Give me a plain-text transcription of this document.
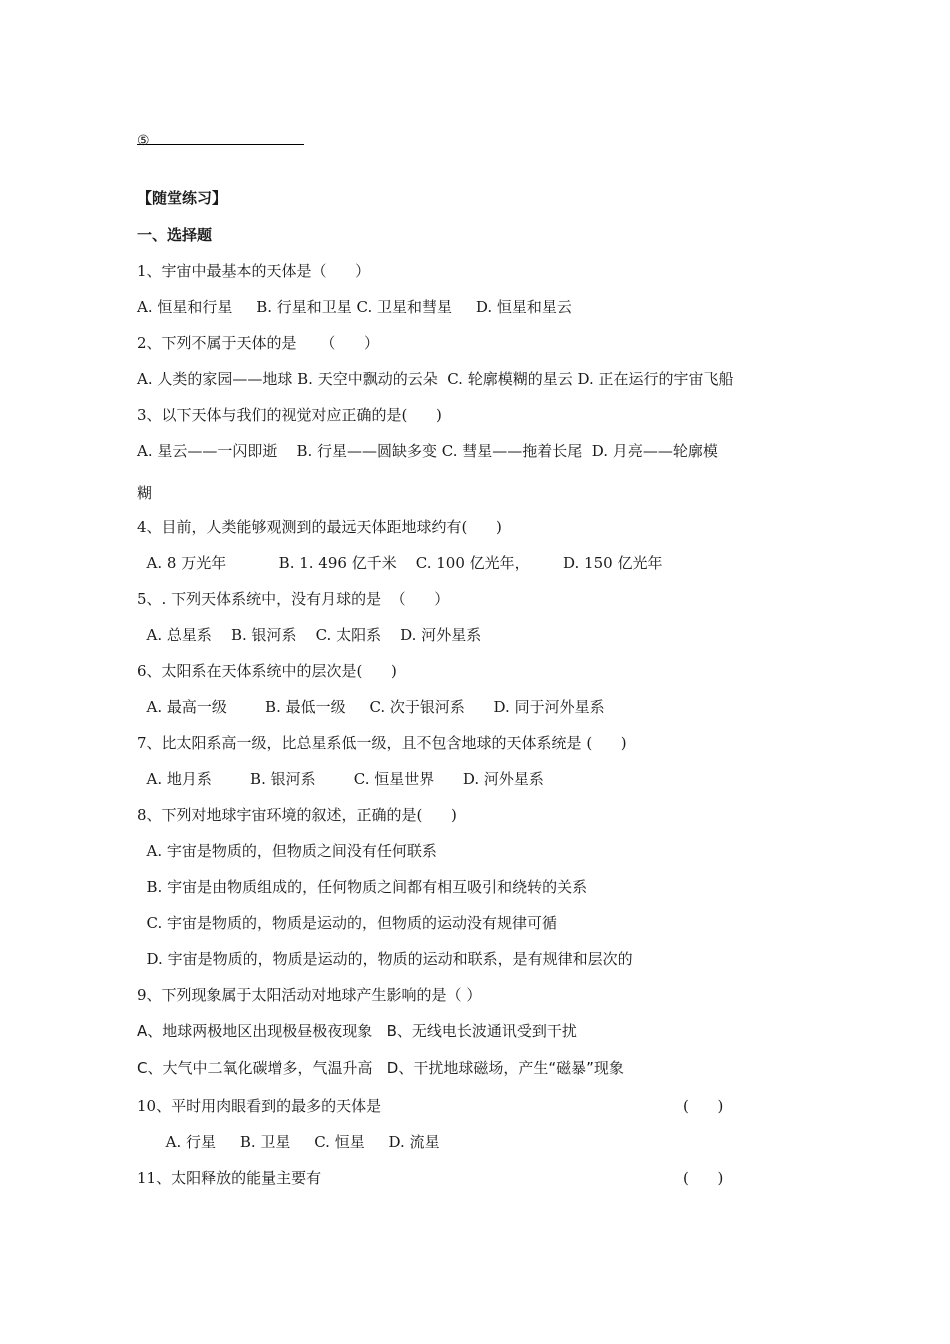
⑤
【随堂练习】
一、选择题
1、宇宙中最基本的天体是（      ）
A. 恒星和行星     B. 行星和卫星 C. 卫星和彗星     D. 恒星和星云
2、下列不属于天体的是     （      ）
A. 人类的家园——地球 B. 天空中飘动的云朵  C. 轮廓模糊的星云 D. 正在运行的宇宙飞船
3、以下天体与我们的视觉对应正确的是(      )
A. 星云——一闪即逝    B. 行星——圆缺多变 C. 彗星——拖着长尾  D. 月亮——轮廓模
糊
4、目前，人类能够观测到的最远天体距地球约有(      )
A. 8 万光年           B. 1. 496 亿千米    C. 100 亿光年，       D. 150 亿光年
5、. 下列天体系统中，没有月球的是  （      ）
A. 总星系    B. 银河系    C. 太阳系    D. 河外星系
6、太阳系在天体系统中的层次是(      )
A. 最高一级        B. 最低一级     C. 次于银河系      D. 同于河外星系
7、比太阳系高一级，比总星系低一级，且不包含地球的天体系统是 (      )
A. 地月系        B. 银河系        C. 恒星世界      D. 河外星系
8、下列对地球宇宙环境的叙述，正确的是(      )
A. 宇宙是物质的，但物质之间没有任何联系
B. 宇宙是由物质组成的，任何物质之间都有相互吸引和绕转的关系
C. 宇宙是物质的，物质是运动的，但物质的运动没有规律可循
D. 宇宙是物质的，物质是运动的，物质的运动和联系，是有规律和层次的
9、下列现象属于太阳活动对地球产生影响的是（ ）
A、地球两极地区出现极昼极夜现象   B、无线电长波通讯受到干扰
C、大气中二氧化碳增多，气温升高   D、干扰地球磁场，产生“磁暴”现象
10、平时用肉眼看到的最多的天体是	(      )
A. 行星     B. 卫星     C. 恒星     D. 流星
11、太阳释放的能量主要有	(      )
